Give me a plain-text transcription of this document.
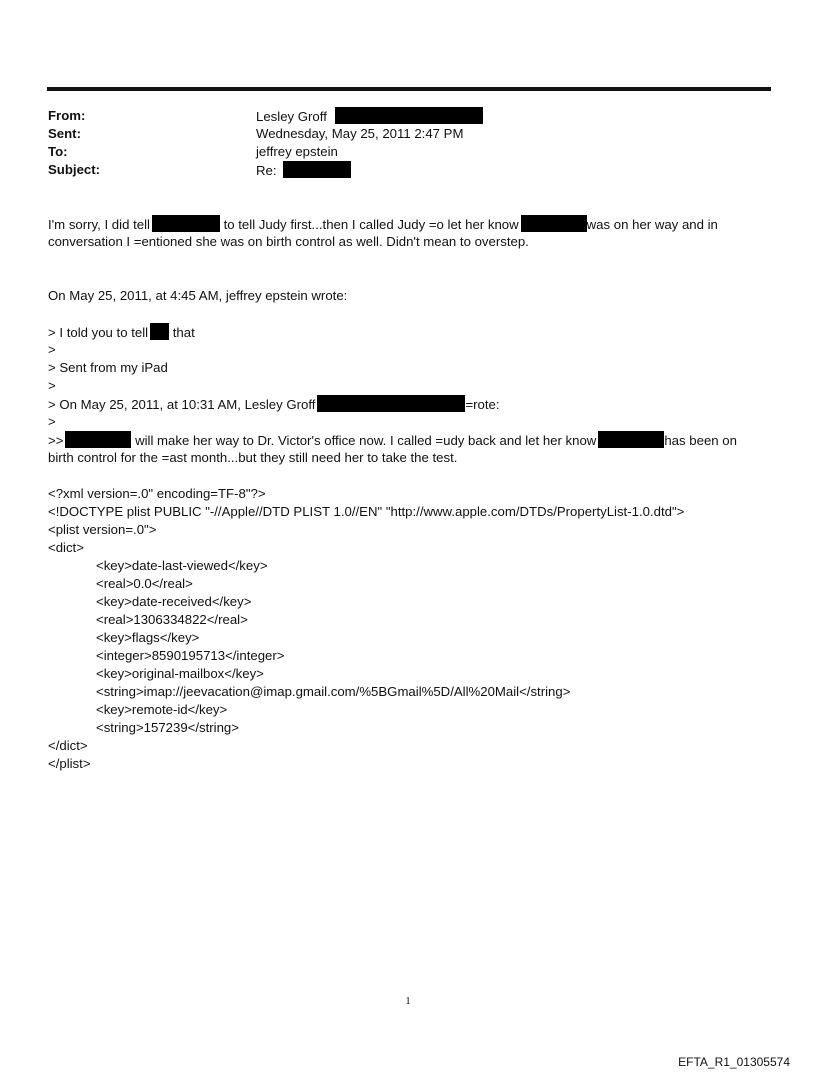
From:	Lesley Groff
Sent:	Wednesday, May 25, 2011 2:47 PM
To:	jeffrey epstein
Subject:	Re:
I'm sorry, I did tell	to tell Judy first...then I called Judy =o let her know	was on her way and in
conversation I =entioned she was on birth control as well. Didn't mean to overstep.
On May 25, 2011, at 4:45 AM, jeffrey epstein wrote:
> I told you to tell that
>
> Sent from my iPad
>
> On May 25, 2011, at 10:31 AM, Lesley Groff	=rote:
>
>>	will make her way to Dr. Victor's office now. I called =udy back and let her know	has been on
birth control for the =ast month...but they still need her to take the test.
<?xml version=.0" encoding=TF-8"?>
<!DOCTYPE plist PUBLIC "-//Apple//DTD PLIST 1.0//EN" "http://www.apple.com/DTDs/PropertyList-1.0.dtd">
<plist version=.0">
<dict>
<key>date-last-viewed</key>
<real>0.0</real>
<key>date-received</key>
<real>1306334822</real>
<key>flags</key>
<integer>8590195713</integer>
<key>original-mailbox</key>
<string>imap://jeevacation@imap.gmail.com/%5BGmail%5D/All%20Mail</string>
<key>remote-id</key>
<string>157239</string>
</dict>
</plist>
1
EFTA_R1_01305574
